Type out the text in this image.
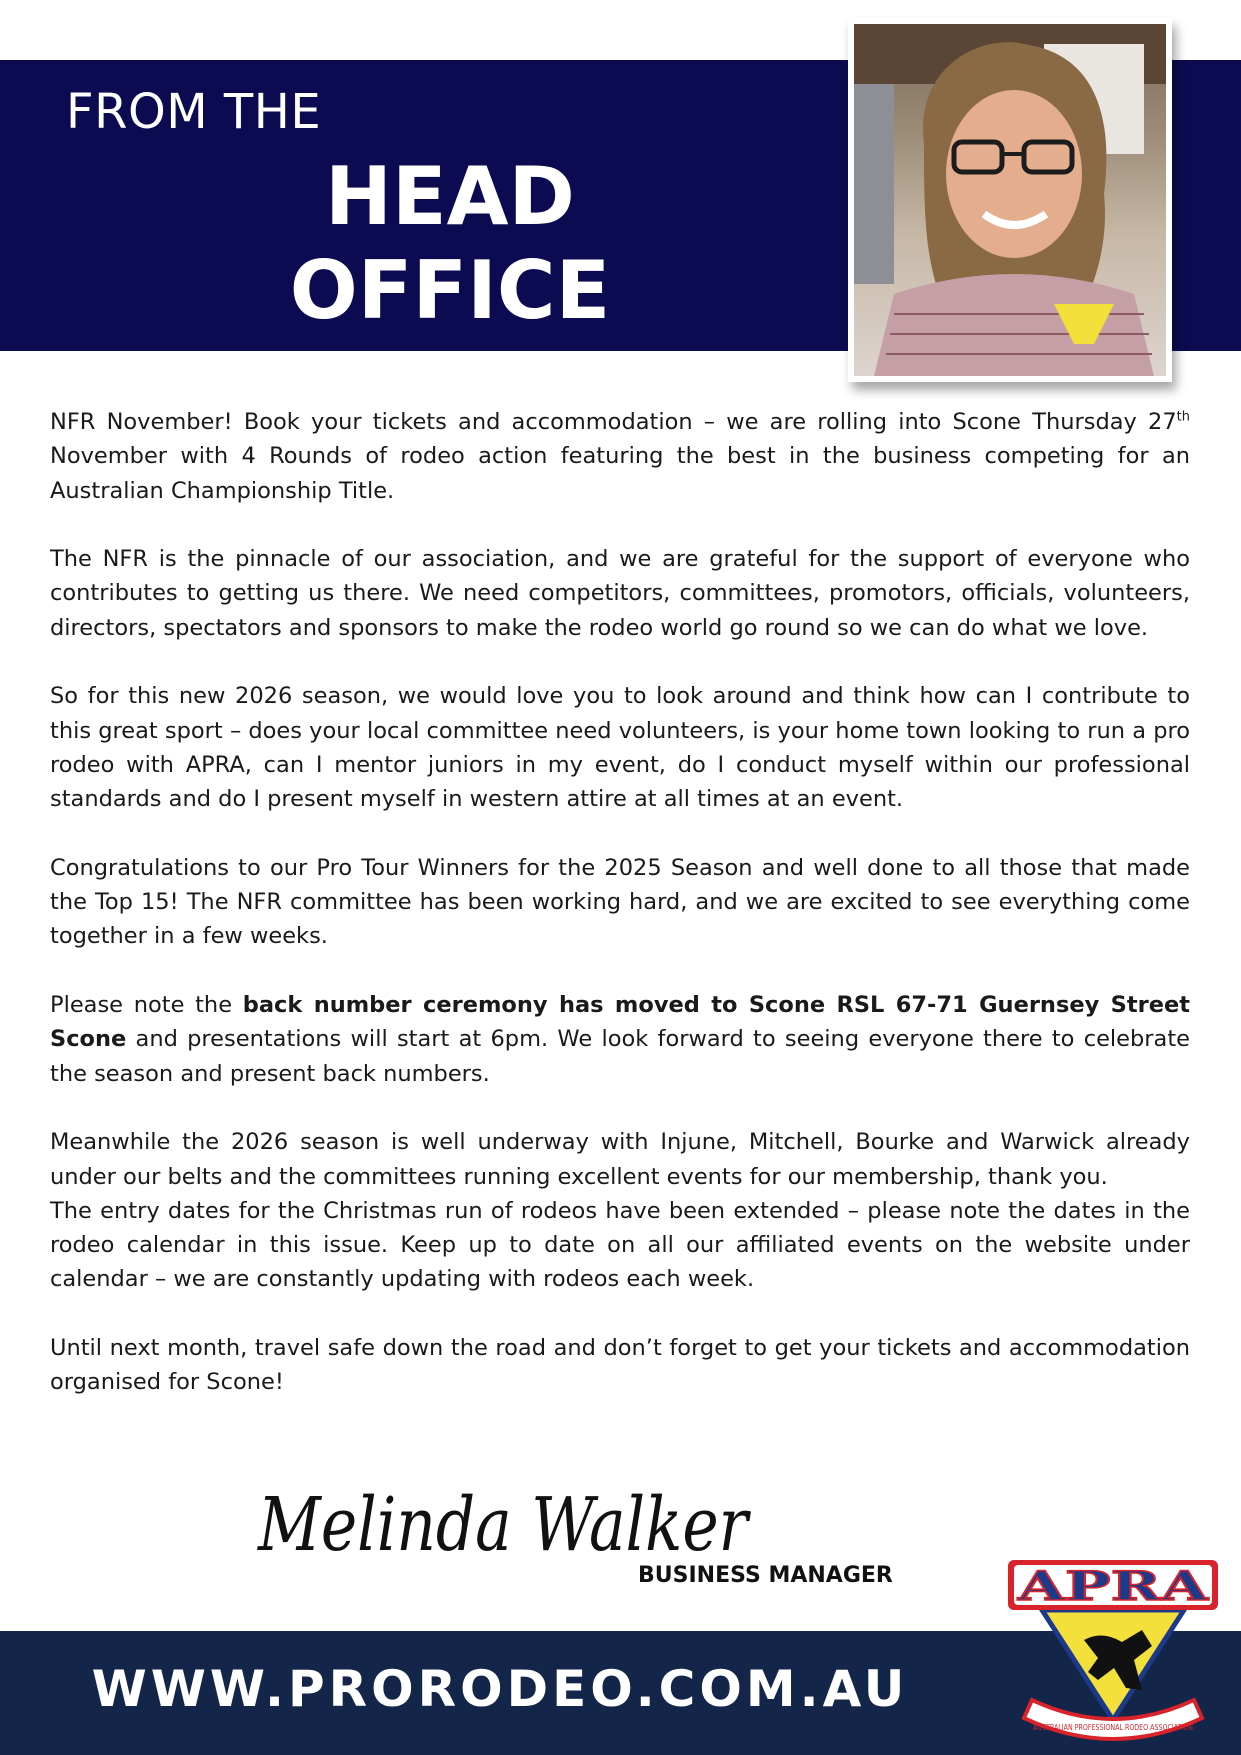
FROM THE
HEAD
OFFICE

NFR November! Book your tickets and accommodation – we are rolling into Scone Thursday 27th November with 4 Rounds of rodeo action featuring the best in the business competing for an Australian Championship Title.

The NFR is the pinnacle of our association, and we are grateful for the support of everyone who contributes to getting us there. We need competitors, committees, promotors, officials, volunteers, directors, spectators and sponsors to make the rodeo world go round so we can do what we love.

So for this new 2026 season, we would love you to look around and think how can I contribute to this great sport – does your local committee need volunteers, is your home town looking to run a pro rodeo with APRA, can I mentor juniors in my event, do I conduct myself within our professional standards and do I present myself in western attire at all times at an event.

Congratulations to our Pro Tour Winners for the 2025 Season and well done to all those that made the Top 15! The NFR committee has been working hard, and we are excited to see everything come together in a few weeks.

Please note the back number ceremony has moved to Scone RSL 67-71 Guernsey Street Scone and presentations will start at 6pm. We look forward to seeing everyone there to celebrate the season and present back numbers.

Meanwhile the 2026 season is well underway with Injune, Mitchell, Bourke and Warwick already under our belts and the committees running excellent events for our membership, thank you.

The entry dates for the Christmas run of rodeos have been extended – please note the dates in the rodeo calendar in this issue. Keep up to date on all our affiliated events on the website under calendar – we are constantly updating with rodeos each week.

Until next month, travel safe down the road and don’t forget to get your tickets and accommodation organised for Scone!

Melinda Walker
BUSINESS MANAGER
WWW.PRORODEO.COM.AU
APRA
AUSTRALIAN PROFESSIONAL RODEO ASSOCIATION
